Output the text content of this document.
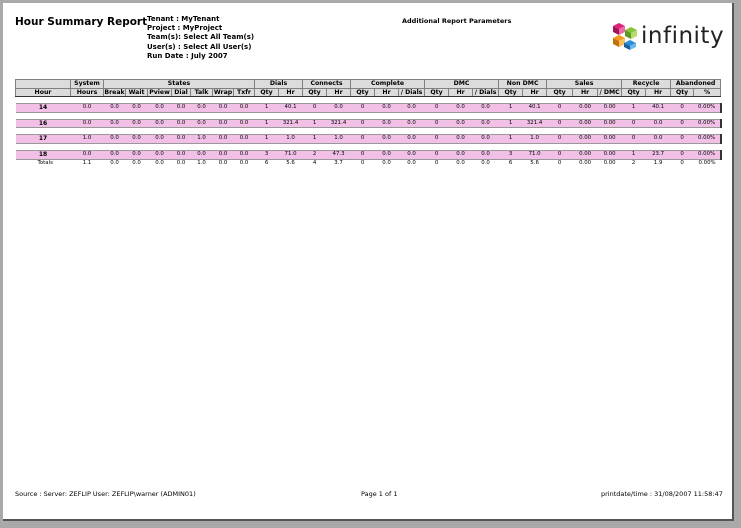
Hour Summary Report Tenant : MyTenant
Project : MyProject
Team(s): Select All Team(s)
User(s) : Select All User(s)
Run Date : July 2007
Additional Report Parameters
infinity
	System	States							Dials		Connects		Complete			DMC			Non DMC		Sales			Recycle		Abandoned	
Hour	Hours	Break	Wait	Pview	Dial	Talk	Wrap	Txfr	Qty	Hr	Qty	Hr	Qty	Hr	/ Dials	Qty	Hr	/ Dials	Qty	Hr	Qty	Hr	/ DMC	Qty	Hr	Qty	%

14	0.0	0.0	0.0	0.0	0.0	0.0	0.0	0.0	1	40.1	0	0.0	0	0.0	0.0	0	0.0	0.0	1	40.1	0	0.00	0.00	1	40.1	0	0.00%

16	0.0	0.0	0.0	0.0	0.0	0.0	0.0	0.0	1	321.4	1	321.4	0	0.0	0.0	0	0.0	0.0	1	321.4	0	0.00	0.00	0	0.0	0	0.00%

17	1.0	0.0	0.0	0.0	0.0	1.0	0.0	0.0	1	1.0	1	1.0	0	0.0	0.0	0	0.0	0.0	1	1.0	0	0.00	0.00	0	0.0	0	0.00%

18	0.0	0.0	0.0	0.0	0.0	0.0	0.0	0.0	3	71.0	2	47.3	0	0.0	0.0	0	0.0	0.0	3	71.0	0	0.00	0.00	1	23.7	0	0.00%
Totals	1.1	0.0	0.0	0.0	0.0	1.0	0.0	0.0	6	5.6	4	3.7	0	0.0	0.0	0	0.0	0.0	6	5.6	0	0.00	0.00	2	1.9	0	0.00%
Source : Server: ZEFLIP User: ZEFLIP\warner (ADMIN01)	Page 1 of 1	printdate/time : 31/08/2007 11:58:47
